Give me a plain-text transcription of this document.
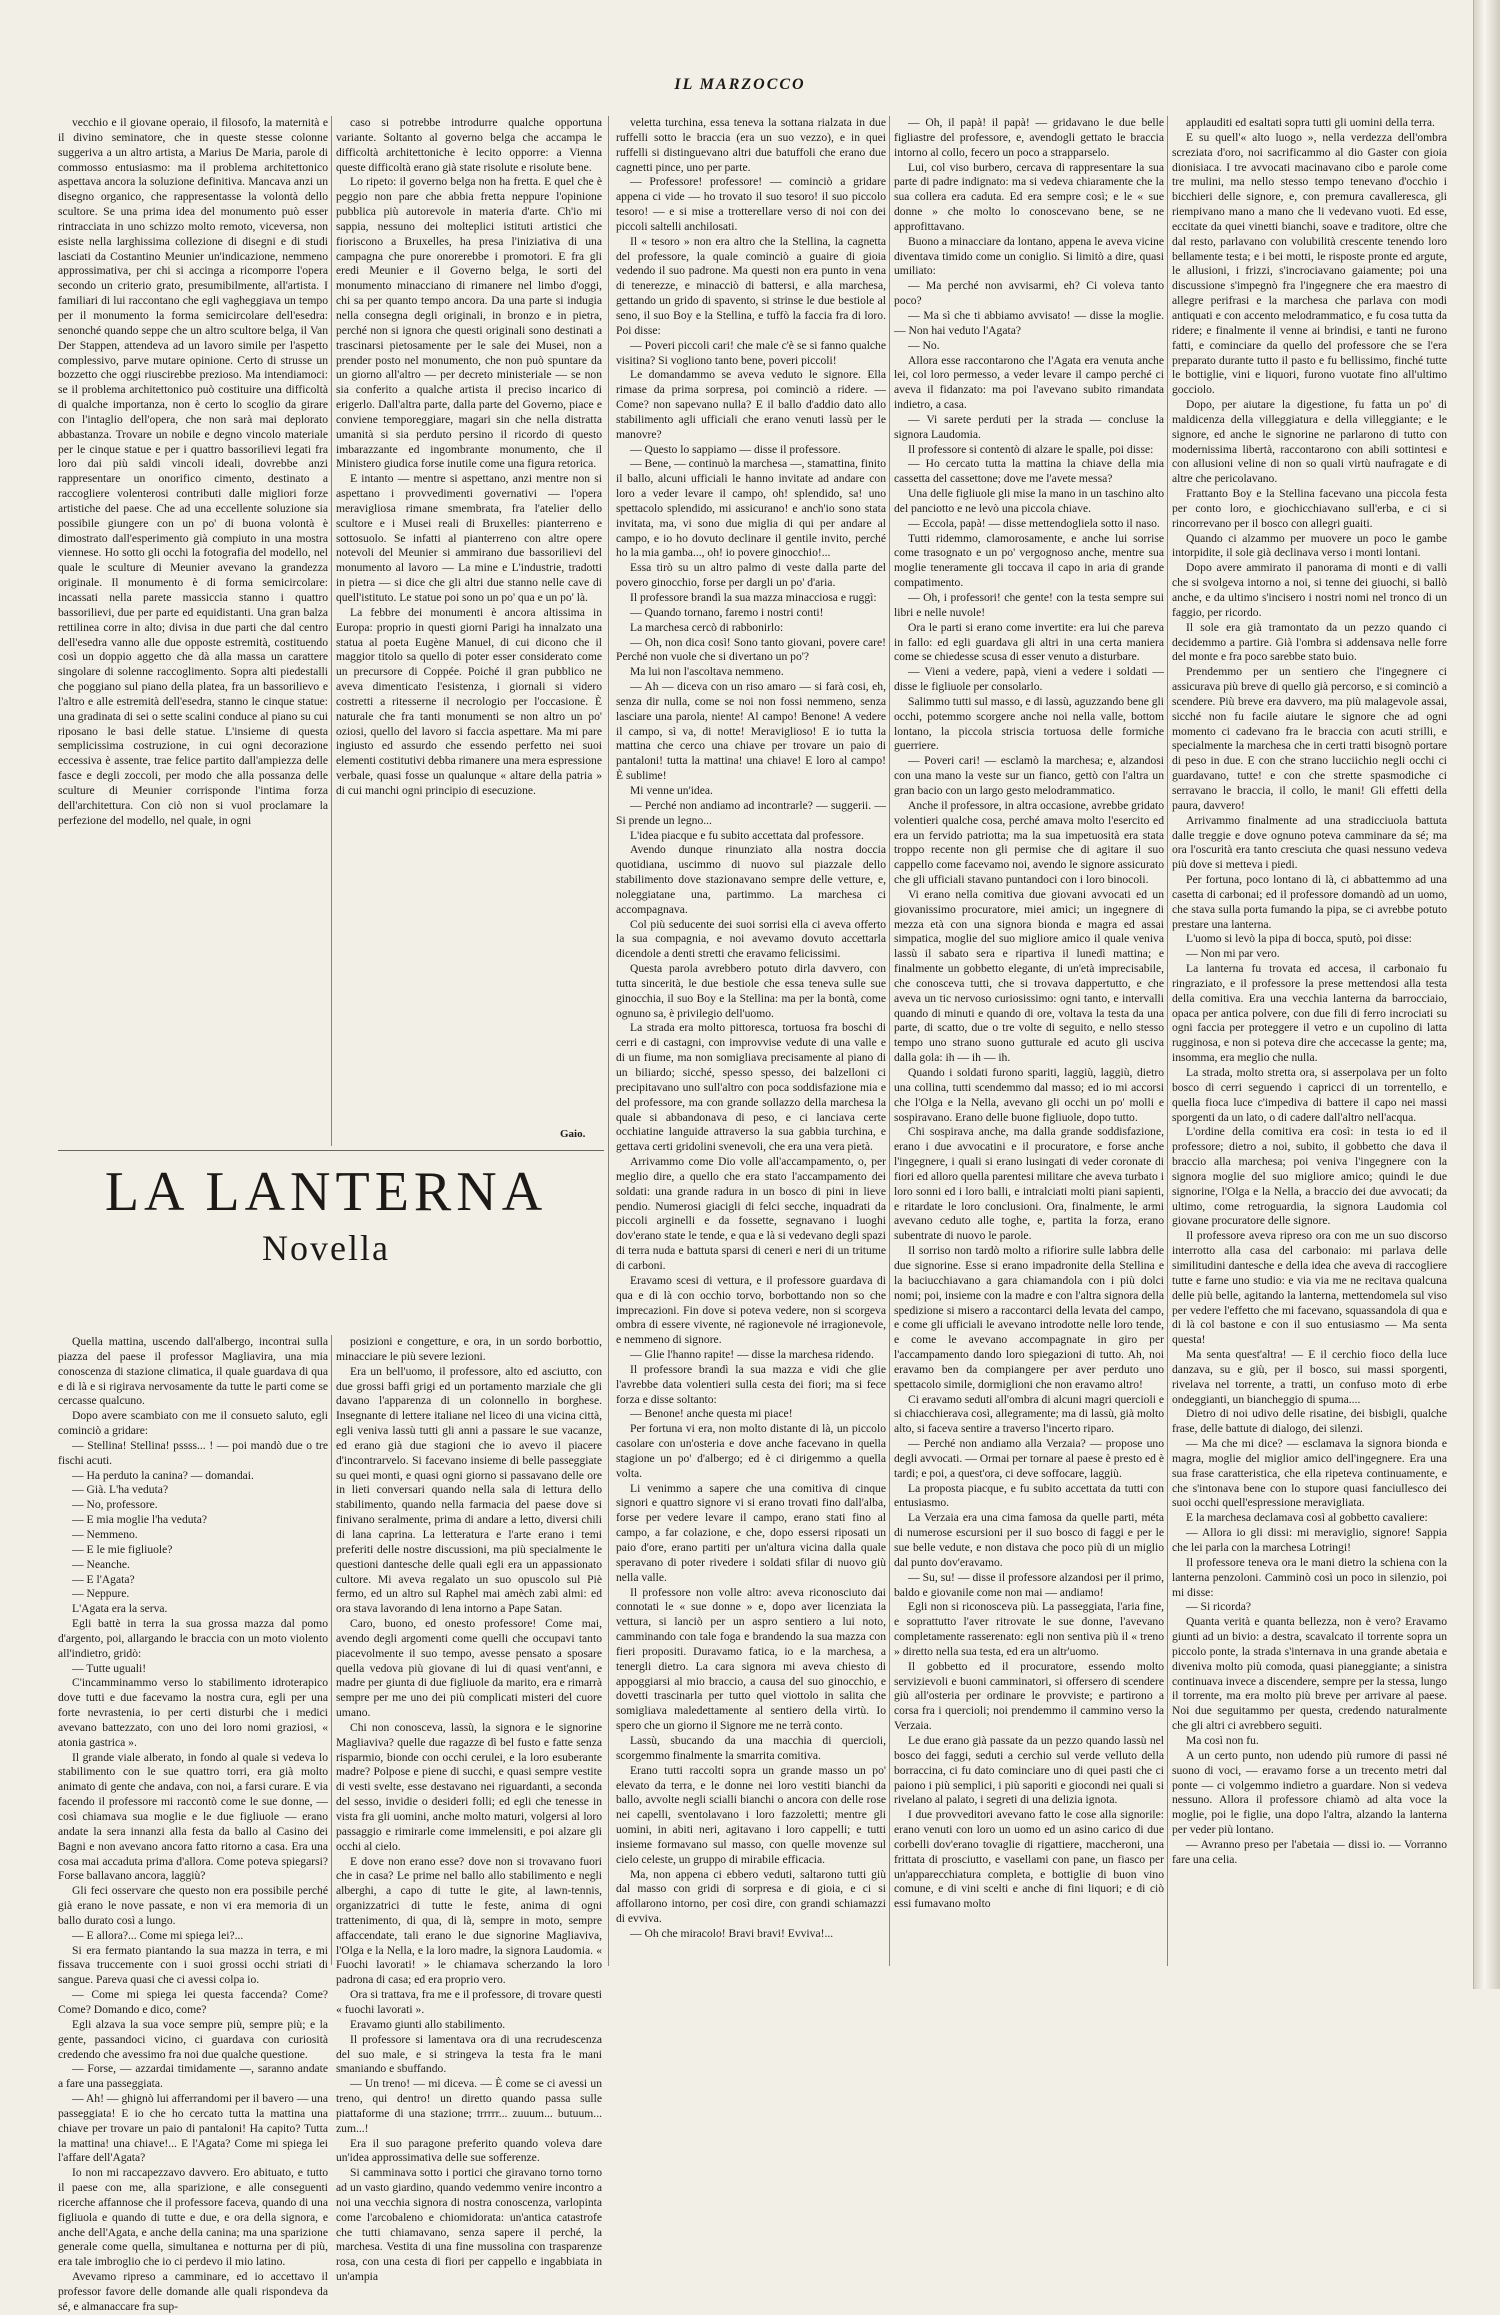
IL MARZOCCO

vecchio e il giovane operaio, il filosofo, la maternità e il divino seminatore, che in queste stesse colonne suggeriva a un altro artista, a Marius De Maria, parole di commosso entusiasmo: ma il problema architettonico aspettava ancora la soluzione definitiva. Mancava anzi un disegno organico, che rappresentasse la volontà dello scultore. Se una prima idea del monumento può esser rintracciata in uno schizzo molto remoto, viceversa, non esiste nella larghissima collezione di disegni e di studi lasciati da Costantino Meunier un'indicazione, nemmeno approssimativa, per chi si accinga a ricomporre l'opera secondo un criterio grato, presumibilmente, all'artista. I familiari di lui raccontano che egli vagheggiava un tempo per il monumento la forma semicircolare dell'esedra: senonché quando seppe che un altro scultore belga, il Van Der Stappen, attendeva ad un lavoro simile per l'aspetto complessivo, parve mutare opinione. Certo di strusse un bozzetto che oggi riuscirebbe prezioso. Ma intendiamoci: se il problema architettonico può costituire una difficoltà di qualche importanza, non è certo lo scoglio da girare con l'intaglio dell'opera, che non sarà mai deplorato abbastanza. Trovare un nobile e degno vincolo materiale per le cinque statue e per i quattro bassorilievi legati fra loro dai più saldi vincoli ideali, dovrebbe anzi rappresentare un onorifico cimento, destinato a raccogliere volenterosi contributi dalle migliori forze artistiche del paese. Che ad una eccellente soluzione sia possibile giungere con un po' di buona volontà è dimostrato dall'esperimento già compiuto in una mostra viennese. Ho sotto gli occhi la fotografia del modello, nel quale le sculture di Meunier avevano la grandezza originale. Il monumento è di forma semicircolare: incassati nella parete massiccia stanno i quattro bassorilievi, due per parte ed equidistanti. Una gran balza rettilinea corre in alto; divisa in due parti che dal centro dell'esedra vanno alle due opposte estremità, costituendo così un doppio aggetto che dà alla massa un carattere singolare di solenne raccoglimento. Sopra alti piedestalli che poggiano sul piano della platea, fra un bassorilievo e l'altro e alle estremità dell'esedra, stanno le cinque statue: una gradinata di sei o sette scalini conduce al piano su cui riposano le basi delle statue. L'insieme di questa semplicissima costruzione, in cui ogni decorazione eccessiva è assente, trae felice partito dall'ampiezza delle fasce e degli zoccoli, per modo che alla possanza delle sculture di Meunier corrisponde l'intima forza dell'architettura. Con ciò non si vuol proclamare la perfezione del modello, nel quale, in ogni

caso si potrebbe introdurre qualche opportuna variante. Soltanto al governo belga che accampa le difficoltà architettoniche è lecito opporre: a Vienna queste difficoltà erano già state risolute e risolute bene.

Lo ripeto: il governo belga non ha fretta. E quel che è peggio non pare che abbia fretta neppure l'opinione pubblica più autorevole in materia d'arte. Ch'io mi sappia, nessuno dei molteplici istituti artistici che fioriscono a Bruxelles, ha presa l'iniziativa di una campagna che pure onorerebbe i promotori. E fra gli eredi Meunier e il Governo belga, le sorti del monumento minacciano di rimanere nel limbo d'oggi, chi sa per quanto tempo ancora. Da una parte si indugia nella consegna degli originali, in bronzo e in pietra, perché non si ignora che questi originali sono destinati a trascinarsi pietosamente per le sale dei Musei, non a prender posto nel monumento, che non può spuntare da un giorno all'altro — per decreto ministeriale — se non sia conferito a qualche artista il preciso incarico di erigerlo. Dall'altra parte, dalla parte del Governo, piace e conviene temporeggiare, magari sin che nella distratta umanità si sia perduto persino il ricordo di questo imbarazzante ed ingombrante monumento, che il Ministero giudica forse inutile come una figura retorica.

E intanto — mentre si aspettano, anzi mentre non si aspettano i provvedimenti governativi — l'opera meravigliosa rimane smembrata, fra l'atelier dello scultore e i Musei reali di Bruxelles: pianterreno e sottosuolo. Se infatti al pianterreno con altre opere notevoli del Meunier si ammirano due bassorilievi del monumento al lavoro — La mine e L'industrie, tradotti in pietra — si dice che gli altri due stanno nelle cave di quell'istituto. Le statue poi sono un po' qua e un po' là.

La febbre dei monumenti è ancora altissima in Europa: proprio in questi giorni Parigi ha innalzato una statua al poeta Eugène Manuel, di cui dicono che il maggior titolo sa quello di poter esser considerato come un precursore di Coppée. Poiché il gran pubblico ne aveva dimenticato l'esistenza, i giornali si videro costretti a ritesserne il necrologio per l'occasione. È naturale che fra tanti monumenti se non altro un po' oziosi, quello del lavoro si faccia aspettare. Ma mi pare ingiusto ed assurdo che essendo perfetto nei suoi elementi costitutivi debba rimanere una mera espressione verbale, quasi fosse un qualunque « altare della patria » di cui manchi ogni principio di esecuzione.

Gaio.
LA LANTERNA
Novella

Quella mattina, uscendo dall'albergo, incontrai sulla piazza del paese il professor Magliavira, una mia conoscenza di stazione climatica, il quale guardava di qua e di là e si rigirava nervosamente da tutte le parti come se cercasse qualcuno.

Dopo avere scambiato con me il consueto saluto, egli cominciò a gridare:

— Stellina! Stellina! pssss... ! — poi mandò due o tre fischi acuti.

— Ha perduto la canina? — domandai.

— Già. L'ha veduta?

— No, professore.

— E mia moglie l'ha veduta?

— Nemmeno.

— E le mie figliuole?

— Neanche.

— E l'Agata?

— Neppure.

L'Agata era la serva.

Egli battè in terra la sua grossa mazza dal pomo d'argento, poi, allargando le braccia con un moto violento all'indietro, gridò:

— Tutte uguali!

C'incamminammo verso lo stabilimento idroterapico dove tutti e due facevamo la nostra cura, egli per una forte nevrastenia, io per certi disturbi che i medici avevano battezzato, con uno dei loro nomi graziosi, « atonia gastrica ».

Il grande viale alberato, in fondo al quale si vedeva lo stabilimento con le sue quattro torri, era già molto animato di gente che andava, con noi, a farsi curare. E via facendo il professore mi raccontò come le sue donne, — così chiamava sua moglie e le due figliuole — erano andate la sera innanzi alla festa da ballo al Casino dei Bagni e non avevano ancora fatto ritorno a casa. Era una cosa mai accaduta prima d'allora. Come poteva spiegarsi? Forse ballavano ancora, laggiù?

Gli feci osservare che questo non era possibile perché già erano le nove passate, e non vi era memoria di un ballo durato così a lungo.

— E allora?... Come mi spiega lei?...

Si era fermato piantando la sua mazza in terra, e mi fissava truccemente con i suoi grossi occhi striati di sangue. Pareva quasi che ci avessi colpa io.

— Come mi spiega lei questa faccenda? Come? Come? Domando e dico, come?

Egli alzava la sua voce sempre più, sempre più; e la gente, passandoci vicino, ci guardava con curiosità credendo che avessimo fra noi due qualche questione.

— Forse, — azzardai timidamente —, saranno andate a fare una passeggiata.

— Ah! — ghignò lui afferrandomi per il bavero — una passeggiata! E io che ho cercato tutta la mattina una chiave per trovare un paio di pantaloni! Ha capito? Tutta la mattina! una chiave!... E l'Agata? Come mi spiega lei l'affare dell'Agata?

Io non mi raccapezzavo davvero. Ero abituato, e tutto il paese con me, alla sparizione, e alle conseguenti ricerche affannose che il professore faceva, quando di una figliuola e quando di tutte e due, e ora della signora, e anche dell'Agata, e anche della canina; ma una sparizione generale come quella, simultanea e notturna per di più, era tale imbroglio che io ci perdevo il mio latino.

Avevamo ripreso a camminare, ed io accettavo il professor favore delle domande alle quali rispondeva da sé, e almanaccare fra sup-

posizioni e congetture, e ora, in un sordo borbottio, minacciare le più severe lezioni.

Era un bell'uomo, il professore, alto ed asciutto, con due grossi baffi grigi ed un portamento marziale che gli davano l'apparenza di un colonnello in borghese. Insegnante di lettere italiane nel liceo di una vicina città, egli veniva lassù tutti gli anni a passare le sue vacanze, ed erano già due stagioni che io avevo il piacere d'incontrarvelo. Si facevano insieme di belle passeggiate su quei monti, e quasi ogni giorno si passavano delle ore in lieti conversari quando nella sala di lettura dello stabilimento, quando nella farmacia del paese dove si finivano seralmente, prima di andare a letto, diversi chili di lana caprina. La letteratura e l'arte erano i temi preferiti delle nostre discussioni, ma più specialmente le questioni dantesche delle quali egli era un appassionato cultore. Mi aveva regalato un suo opuscolo sul Piè fermo, ed un altro sul Raphel mai amèch zabì almi: ed ora stava lavorando di lena intorno a Pape Satan.

Caro, buono, ed onesto professore! Come mai, avendo degli argomenti come quelli che occupavi tanto piacevolmente il suo tempo, avesse pensato a sposare quella vedova più giovane di lui di quasi vent'anni, e madre per giunta di due figliuole da marito, era e rimarrà sempre per me uno dei più complicati misteri del cuore umano.

Chi non conosceva, lassù, la signora e le signorine Magliaviva? quelle due ragazze dì bel fusto e fatte senza risparmio, bionde con occhi cerulei, e la loro esuberante madre? Polpose e piene di succhi, e quasi sempre vestite di vesti svelte, esse destavano nei riguardanti, a seconda del sesso, invidie o desideri folli; ed egli che tenesse in vista fra gli uomini, anche molto maturi, volgersi al loro passaggio e rimirarle come immelensiti, e poi alzare gli occhi al cielo.

E dove non erano esse? dove non si trovavano fuori che in casa? Le prime nel ballo allo stabilimento e negli alberghi, a capo di tutte le gite, al lawn-tennis, organizzatrici di tutte le feste, anima di ogni trattenimento, di qua, di là, sempre in moto, sempre affaccendate, tali erano le due signorine Magliaviva, l'Olga e la Nella, e la loro madre, la signora Laudomia. « Fuochi lavorati! » le chiamava scherzando la loro padrona di casa; ed era proprio vero.

Ora si trattava, fra me e il professore, di trovare questi « fuochi lavorati ».

Eravamo giunti allo stabilimento.

Il professore si lamentava ora di una recrudescenza del suo male, e si stringeva la testa fra le mani smaniando e sbuffando.

— Un treno! — mi diceva. — È come se ci avessi un treno, qui dentro! un diretto quando passa sulle piattaforme di una stazione; trrrrr... zuuum... butuum... zum...!

Era il suo paragone preferito quando voleva dare un'idea approssimativa delle sue sofferenze.

Si camminava sotto i portici che giravano torno torno ad un vasto giardino, quando vedemmo venire incontro a noi una vecchia signora di nostra conoscenza, varlopinta come l'arcobaleno e chiomidorata: un'antica catastrofe che tutti chiamavano, senza sapere il perché, la marchesa. Vestita di una fine mussolina con trasparenze rosa, con una cesta di fiori per cappello e ingabbiata in un'ampia

veletta turchina, essa teneva la sottana rialzata in due ruffelli sotto le braccia (era un suo vezzo), e in quei ruffelli si distinguevano altri due batuffoli che erano due cagnetti pince, uno per parte.

— Professore! professore! — cominciò a gridare appena ci vide — ho trovato il suo tesoro! il suo piccolo tesoro! — e si mise a trotterellare verso di noi con dei piccoli saltelli anchilosati.

Il « tesoro » non era altro che la Stellina, la cagnetta del professore, la quale cominciò a guaire di gioia vedendo il suo padrone. Ma questi non era punto in vena di tenerezze, e minacciò di battersi, e alla marchesa, gettando un grido di spavento, si strinse le due bestiole al seno, il suo Boy e la Stellina, e tuffò la faccia fra di loro. Poi disse:

— Poveri piccoli cari! che male c'è se si fanno qualche visitina? Si vogliono tanto bene, poveri piccoli!

Le domandammo se aveva veduto le signore. Ella rimase da prima sorpresa, poi cominciò a ridere. — Come? non sapevano nulla? E il ballo d'addio dato allo stabilimento agli ufficiali che erano venuti lassù per le manovre?

— Questo lo sappiamo — disse il professore.

— Bene, — continuò la marchesa —, stamattina, finito il ballo, alcuni ufficiali le hanno invitate ad andare con loro a veder levare il campo, oh! splendido, sa! uno spettacolo splendido, mi assicurano! e anch'io sono stata invitata, ma, vi sono due miglia di qui per andare al campo, e io ho dovuto declinare il gentile invito, perché ho la mia gamba..., oh! io povere ginocchio!...

Essa tirò su un altro palmo di veste dalla parte del povero ginocchio, forse per dargli un po' d'aria.

Il professore brandì la sua mazza minacciosa e ruggì:

— Quando tornano, faremo i nostri conti!

La marchesa cercò di rabbonirlo:

— Oh, non dica così! Sono tanto giovani, povere care! Perché non vuole che si divertano un po'?

Ma lui non l'ascoltava nemmeno.

— Ah — diceva con un riso amaro — si farà cosi, eh, senza dir nulla, come se noi non fossi nemmeno, senza lasciare una parola, niente! Al campo! Benone! A vedere il campo, sì va, di notte! Meraviglioso! E io tutta la mattina che cerco una chiave per trovare un paio di pantaloni! tutta la mattina! una chiave! E loro al campo! È sublime!

Mi venne un'idea.

— Perché non andiamo ad incontrarle? — suggerii. — Si prende un legno...

L'idea piacque e fu subito accettata dal professore.

Avendo dunque rinunziato alla nostra doccia quotidiana, uscimmo di nuovo sul piazzale dello stabilimento dove stazionavano sempre delle vetture, e, noleggiatane una, partimmo. La marchesa ci accompagnava.

Col più seducente dei suoi sorrisi ella ci aveva offerto la sua compagnia, e noi avevamo dovuto accettarla dicendole a denti stretti che eravamo felicissimi.

Questa parola avrebbero potuto dirla davvero, con tutta sincerità, le due bestiole che essa teneva sulle sue ginocchia, il suo Boy e la Stellina: ma per la bontà, come ognuno sa, è privilegio dell'uomo.

La strada era molto pittoresca, tortuosa fra boschi di cerri e di castagni, con improvvise vedute di una valle e di un fiume, ma non somigliava precisamente al piano di un biliardo; sicché, spesso spesso, dei balzelloni ci precipitavano uno sull'altro con poca soddisfazione mia e del professore, ma con grande sollazzo della marchesa la quale si abbandonava di peso, e ci lanciava certe occhiatine languide attraverso la sua gabbia turchina, e gettava certi gridolini svenevoli, che era una vera pietà.

Arrivammo come Dio volle all'accampamento, o, per meglio dire, a quello che era stato l'accampamento dei soldati: una grande radura in un bosco di pini in lieve pendio. Numerosi giacigli di felci secche, inquadrati da piccoli arginelli e da fossette, segnavano i luoghi dov'erano state le tende, e qua e là si vedevano degli spazi di terra nuda e battuta sparsi di ceneri e neri di un tritume di carboni.

Eravamo scesi di vettura, e il professore guardava di qua e di là con occhio torvo, borbottando non so che imprecazioni. Fin dove si poteva vedere, non si scorgeva ombra di essere vivente, né ragionevole né irragionevole, e nemmeno di signore.

— Glie l'hanno rapite! — disse la marchesa ridendo.

Il professore brandì la sua mazza e vidi che glie l'avrebbe data volentieri sulla cesta dei fiori; ma si fece forza e disse soltanto:

— Benone! anche questa mi piace!

Per fortuna vi era, non molto distante di là, un piccolo casolare con un'osteria e dove anche facevano in quella stagione un po' d'albergo; ed è ci dirigemmo a quella volta.

Li venimmo a sapere che una comitiva di cinque signori e quattro signore vi si erano trovati fino dall'alba, forse per vedere levare il campo, erano stati fino al campo, a far colazione, e che, dopo essersi riposati un paio d'ore, erano partiti per un'altura vicina dalla quale speravano di poter rivedere i soldati sfilar di nuovo giù nella valle.

Il professore non volle altro: aveva riconosciuto dai connotati le « sue donne » e, dopo aver licenziata la vettura, si lanciò per un aspro sentiero a lui noto, camminando con tale foga e brandendo la sua mazza con fieri propositi. Duravamo fatica, io e la marchesa, a tenergli dietro. La cara signora mi aveva chiesto di appoggiarsi al mio braccio, a causa del suo ginocchio, e dovetti trascinarla per tutto quel viottolo in salita che somigliava maledettamente al sentiero della virtù. Io spero che un giorno il Signore me ne terrà conto.

Lassù, sbucando da una macchia di quercioli, scorgemmo finalmente la smarrita comitiva.

Erano tutti raccolti sopra un grande masso un po' elevato da terra, e le donne nei loro vestiti bianchi da ballo, avvolte negli scialli bianchi o ancora con delle rose nei capelli, sventolavano i loro fazzoletti; mentre gli uomini, in abiti neri, agitavano i loro cappelli; e tutti insieme formavano sul masso, con quelle movenze sul cielo celeste, un gruppo di mirabile efficacia.

Ma, non appena ci ebbero veduti, saltarono tutti giù dal masso con gridi di sorpresa e di gioia, e ci si affollarono intorno, per così dire, con grandi schiamazzi di evviva.

— Oh che miracolo! Bravi bravi! Evviva!...

— Oh, il papà! il papà! — gridavano le due belle figliastre del professore, e, avendogli gettato le braccia intorno al collo, fecero un poco a strapparselo.

Lui, col viso burbero, cercava di rappresentare la sua parte di padre indignato: ma si vedeva chiaramente che la sua collera era caduta. Ed era sempre così; e le « sue donne » che molto lo conoscevano bene, se ne approfittavano.

Buono a minacciare da lontano, appena le aveva vicine diventava timido come un coniglio. Si limitò a dire, quasi umiliato:

— Ma perché non avvisarmi, eh? Ci voleva tanto poco?

— Ma sì che ti abbiamo avvisato! — disse la moglie. — Non hai veduto l'Agata?

— No.

Allora esse raccontarono che l'Agata era venuta anche lei, col loro permesso, a veder levare il campo perché ci aveva il fidanzato: ma poi l'avevano subito rimandata indietro, a casa.

— Vi sarete perduti per la strada — concluse la signora Laudomia.

Il professore si contentò di alzare le spalle, poi disse:

— Ho cercato tutta la mattina la chiave della mia cassetta del cassettone; dove me l'avete messa?

Una delle figliuole gli mise la mano in un taschino alto del panciotto e ne levò una piccola chiave.

— Eccola, papà! — disse mettendogliela sotto il naso.

Tutti ridemmo, clamorosamente, e anche lui sorrise come trasognato e un po' vergognoso anche, mentre sua moglie teneramente gli toccava il capo in aria di grande compatimento.

— Oh, i professori! che gente! con la testa sempre sui libri e nelle nuvole!

Ora le parti si erano come invertite: era lui che pareva in fallo: ed egli guardava gli altri in una certa maniera come se chiedesse scusa di esser venuto a disturbare.

— Vieni a vedere, papà, vieni a vedere i soldati — disse le figliuole per consolarlo.

Salimmo tutti sul masso, e di lassù, aguzzando bene gli occhi, potemmo scorgere anche noi nella valle, bottom lontano, la piccola striscia tortuosa delle formiche guerriere.

— Poveri cari! — esclamò la marchesa; e, alzandosi con una mano la veste sur un fianco, gettò con l'altra un gran bacio con un largo gesto melodrammatico.

Anche il professore, in altra occasione, avrebbe gridato volentieri qualche cosa, perché amava molto l'esercito ed era un fervido patriotta; ma la sua impetuosità era stata troppo recente non gli permise che di agitare il suo cappello come facevamo noi, avendo le signore assicurato che gli ufficiali stavano puntandoci con i loro binocoli.

Vi erano nella comitiva due giovani avvocati ed un giovanissimo procuratore, miei amici; un ingegnere di mezza età con una signora bionda e magra ed assai simpatica, moglie del suo migliore amico il quale veniva lassù il sabato sera e ripartiva il lunedì mattina; e finalmente un gobbetto elegante, di un'età imprecisabile, che conosceva tutti, che si trovava dappertutto, e che aveva un tic nervoso curiosissimo: ogni tanto, e intervalli quando di minuti e quando di ore, voltava la testa da una parte, di scatto, due o tre volte di seguito, e nello stesso tempo uno strano suono gutturale ed acuto gli usciva dalla gola: ih — ih — ih.

Quando i soldati furono spariti, laggiù, laggiù, dietro una collina, tutti scendemmo dal masso; ed io mi accorsi che l'Olga e la Nella, avevano gli occhi un po' molli e sospiravano. Erano delle buone figliuole, dopo tutto.

Chi sospirava anche, ma dalla grande soddisfazione, erano i due avvocatini e il procuratore, e forse anche l'ingegnere, i quali si erano lusingati di veder coronate di fiori ed alloro quella parentesi militare che aveva turbato i loro sonni ed i loro balli, e intralciati molti piani sapienti, e ritardate le loro conclusioni. Ora, finalmente, le armi avevano ceduto alle toghe, e, partita la forza, erano subentrate di nuovo le parole.

Il sorriso non tardò molto a rifiorire sulle labbra delle due signorine. Esse si erano impadronite della Stellina e la baciucchiavano a gara chiamandola con i più dolci nomi; poi, insieme con la madre e con l'altra signora della spedizione si misero a raccontarci della levata del campo, e come gli ufficiali le avevano introdotte nelle loro tende, e come le avevano accompagnate in giro per l'accampamento dando loro spiegazioni di tutto. Ah, noi eravamo ben da compiangere per aver perduto uno spettacolo simile, dormiglioni che non eravamo altro!

Ci eravamo seduti all'ombra di alcuni magri quercioli e si chiacchierava così, allegramente; ma di lassù, già molto alto, si faceva sentire a traverso l'incerto riparo.

— Perché non andiamo alla Verzaia? — propose uno degli avvocati. — Ormai per tornare al paese è presto ed è tardi; e poi, a quest'ora, ci deve soffocare, laggiù.

La proposta piacque, e fu subito accettata da tutti con entusiasmo.

La Verzaia era una cima famosa da quelle parti, méta di numerose escursioni per il suo bosco di faggi e per le sue belle vedute, e non distava che poco più di un miglio dal punto dov'eravamo.

— Su, su! — disse il professore alzandosi per il primo, baldo e giovanile come non mai — andiamo!

Egli non si riconosceva più. La passeggiata, l'aria fine, e soprattutto l'aver ritrovate le sue donne, l'avevano completamente rasserenato: egli non sentiva più il « treno » diretto nella sua testa, ed era un altr'uomo.

Il gobbetto ed il procuratore, essendo molto servizievoli e buoni camminatori, si offersero di scendere giù all'osteria per ordinare le provviste; e partirono a corsa fra i quercioli; noi prendemmo il cammino verso la Verzaia.

Le due erano già passate da un pezzo quando lassù nel bosco dei faggi, seduti a cerchio sul verde velluto della borraccina, ci fu dato cominciare uno di quei pasti che ci paiono i più semplici, i più saporiti e giocondi nei quali si rivelano al palato, i segreti di una delizia ignota.

I due provveditori avevano fatto le cose alla signorile: erano venuti con loro un uomo ed un asino carico di due corbelli dov'erano tovaglie di rigattiere, maccheroni, una frittata di prosciutto, e vasellami con pane, un fiasco per un'apparecchiatura completa, e bottiglie di buon vino comune, e di vini scelti e anche di fini liquori; e di ciò essi fumavano molto

applauditi ed esaltati sopra tutti gli uomini della terra.

E su quell'« alto luogo », nella verdezza dell'ombra screziata d'oro, noi sacrificammo al dio Gaster con gioia dionisiaca. I tre avvocati macinavano cibo e parole come tre mulini, ma nello stesso tempo tenevano d'occhio i bicchieri delle signore, e, con premura cavalleresca, gli riempivano mano a mano che li vedevano vuoti. Ed esse, eccitate da quei vinetti bianchi, soave e traditore, oltre che dal resto, parlavano con volubilità crescente tenendo loro bellamente testa; e i bei motti, le risposte pronte ed argute, le allusioni, i frizzi, s'incrociavano gaiamente; poi una discussione s'impegnò fra l'ingegnere che era maestro di allegre perifrasi e la marchesa che parlava con modi antiquati e con accento melodrammatico, e fu cosa tutta da ridere; e finalmente il venne ai brindisi, e tanti ne furono fatti, e cominciare da quello del professore che se l'era preparato durante tutto il pasto e fu bellissimo, finché tutte le bottiglie, vini e liquori, furono vuotate fino all'ultimo gocciolo.

Dopo, per aiutare la digestione, fu fatta un po' di maldicenza della villeggiatura e della villeggiante; e le signore, ed anche le signorine ne parlarono di tutto con modernissima libertà, raccontarono con abili sottintesi e con allusioni veline di non so quali virtù naufragate e di altre che pericolavano.

Frattanto Boy e la Stellina facevano una piccola festa per conto loro, e giochicchiavano sull'erba, e ci si rincorrevano per il bosco con allegri guaiti.

Quando ci alzammo per muovere un poco le gambe intorpidite, il sole già declinava verso i monti lontani.

Dopo avere ammirato il panorama di monti e di valli che si svolgeva intorno a noi, si tenne dei giuochi, si ballò anche, e da ultimo s'incisero i nostri nomi nel tronco di un faggio, per ricordo.

Il sole era già tramontato da un pezzo quando ci decidemmo a partire. Già l'ombra si addensava nelle forre del monte e fra poco sarebbe stato buio.

Prendemmo per un sentiero che l'ingegnere ci assicurava più breve di quello già percorso, e si cominciò a scendere. Più breve era davvero, ma più malagevole assai, sicché non fu facile aiutare le signore che ad ogni momento ci cadevano fra le braccia con acuti strilli, e specialmente la marchesa che in certi tratti bisognò portare di peso in due. E con che strano lucciichio negli occhi ci guardavano, tutte! e con che strette spasmodiche ci serravano le braccia, il collo, le mani! Gli effetti della paura, davvero!

Arrivammo finalmente ad una stradicciuola battuta dalle treggie e dove ognuno poteva camminare da sé; ma ora l'oscurità era tanto cresciuta che quasi nessuno vedeva più dove si metteva i piedi.

Per fortuna, poco lontano di là, ci abbattemmo ad una casetta di carbonai; ed il professore domandò ad un uomo, che stava sulla porta fumando la pipa, se ci avrebbe potuto prestare una lanterna.

L'uomo si levò la pipa di bocca, sputò, poi disse:

— Non mi par vero.

La lanterna fu trovata ed accesa, il carbonaio fu ringraziato, e il professore la prese mettendosi alla testa della comitiva. Era una vecchia lanterna da barrocciaio, opaca per antica polvere, con due fili di ferro incrociati su ogni faccia per proteggere il vetro e un cupolino di latta rugginosa, e non si poteva dire che accecasse la gente; ma, insomma, era meglio che nulla.

La strada, molto stretta ora, si asserpolava per un folto bosco di cerri seguendo i capricci di un torrentello, e quella fioca luce c'impediva di battere il capo nei massi sporgenti da un lato, o di cadere dall'altro nell'acqua.

L'ordine della comitiva era così: in testa io ed il professore; dietro a noi, subito, il gobbetto che dava il braccio alla marchesa; poi veniva l'ingegnere con la signora moglie del suo migliore amico; quindi le due signorine, l'Olga e la Nella, a braccio dei due avvocati; da ultimo, come retroguardia, la signora Laudomia col giovane procuratore delle signore.

Il professore aveva ripreso ora con me un suo discorso interrotto alla casa del carbonaio: mi parlava delle similitudini dantesche e della idea che aveva di raccogliere tutte e farne uno studio: e via via me ne recitava qualcuna delle più belle, agitando la lanterna, mettendomela sul viso per vedere l'effetto che mi facevano, squassandola di qua e di là col bastone e con il suo entusiasmo — Ma senta questa!

Ma senta quest'altra! — E il cerchio fioco della luce danzava, su e giù, per il bosco, sui massi sporgenti, rivelava nel torrente, a tratti, un confuso moto di erbe ondeggianti, un biancheggio di spuma....

Dietro di noi udivo delle risatine, dei bisbigli, qualche frase, delle battute di dialogo, dei silenzi.

— Ma che mi dice? — esclamava la signora bionda e magra, moglie del miglior amico dell'ingegnere. Era una sua frase caratteristica, che ella ripeteva continuamente, e che s'intonava bene con lo stupore quasi fanciullesco dei suoi occhi quell'espressione meravigliata.

E la marchesa declamava così al gobbetto cavaliere:

— Allora io gli dissi: mi meraviglio, signore! Sappia che lei parla con la marchesa Lotringi!

Il professore teneva ora le mani dietro la schiena con la lanterna penzoloni. Camminò così un poco in silenzio, poi mi disse:

— Si ricorda?

Quanta verità e quanta bellezza, non è vero? Eravamo giunti ad un bivio: a destra, scavalcato il torrente sopra un piccolo ponte, la strada s'internava in una grande abetaia e diveniva molto più comoda, quasi pianeggiante; a sinistra continuava invece a discendere, sempre per la stessa, lungo il torrente, ma era molto più breve per arrivare al paese. Noi due seguitammo per questa, credendo naturalmente che gli altri ci avrebbero seguiti.

Ma così non fu.

A un certo punto, non udendo più rumore di passi né suono di voci, — eravamo forse a un trecento metri dal ponte — ci volgemmo indietro a guardare. Non si vedeva nessuno. Allora il professore chiamò ad alta voce la moglie, poi le figlie, una dopo l'altra, alzando la lanterna per veder più lontano.

— Avranno preso per l'abetaia — dissi io. — Vorranno fare una celia.
